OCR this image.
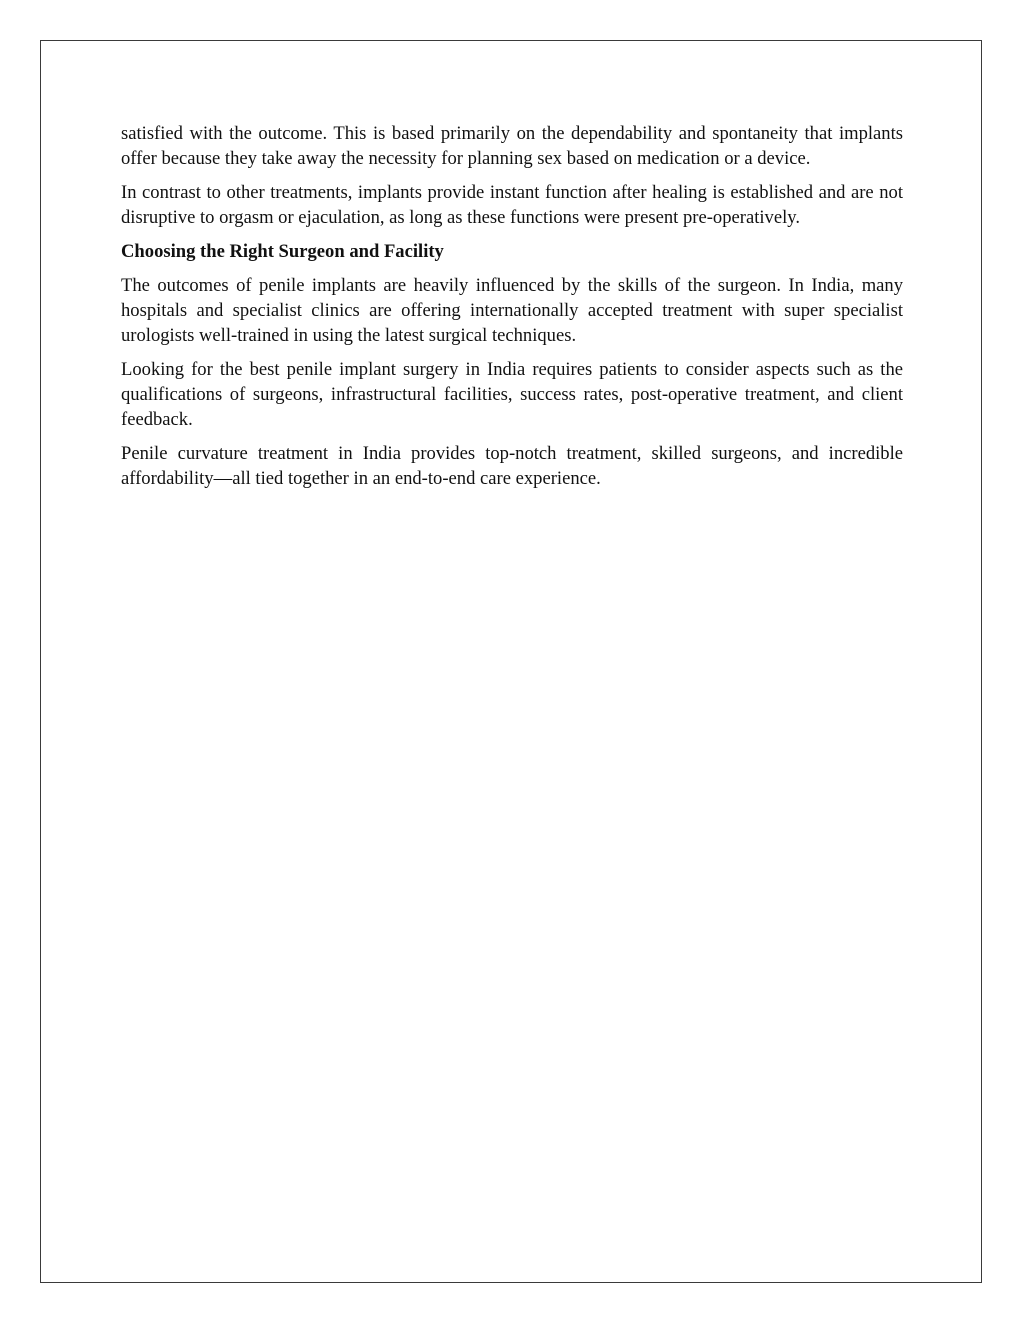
satisfied with the outcome. This is based primarily on the dependability and spontaneity that implants offer because they take away the necessity for planning sex based on medication or a device.

In contrast to other treatments, implants provide instant function after healing is established and are not disruptive to orgasm or ejaculation, as long as these functions were present pre-operatively.

Choosing the Right Surgeon and Facility

The outcomes of penile implants are heavily influenced by the skills of the surgeon. In India, many hospitals and specialist clinics are offering internationally accepted treatment with super specialist urologists well-trained in using the latest surgical techniques.

Looking for the best penile implant surgery in India requires patients to consider aspects such as the qualifications of surgeons, infrastructural facilities, success rates, post-operative treatment, and client feedback.

Penile curvature treatment in India provides top-notch treatment, skilled surgeons, and incredible affordability—all tied together in an end-to-end care experience.
